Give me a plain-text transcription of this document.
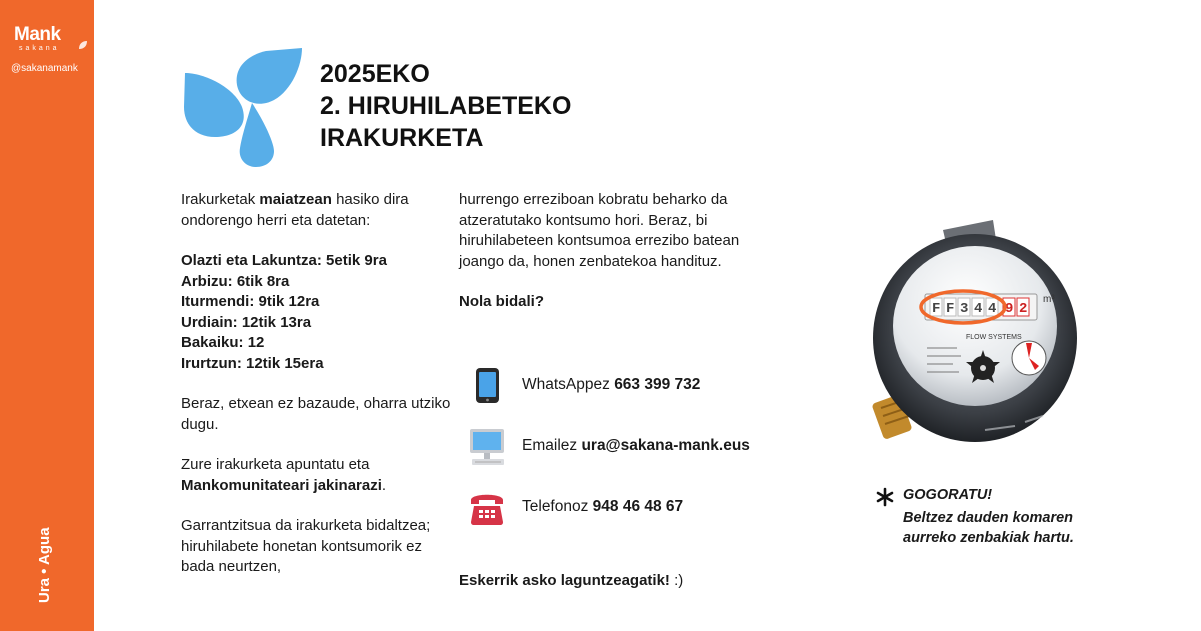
Mank
sakana
@sakanamank
Ura • Agua
2025EKO
2. HIRUHILABETEKO
IRAKURKETA

Irakurketak maiatzean hasiko dira ondorengo herri eta datetan:

Olazti eta Lakuntza: 5etik 9ra
Arbizu: 6tik 8ra
Iturmendi: 9tik 12ra
Urdiain: 12tik 13ra
Bakaiku: 12
Irurtzun: 12tik 15era

Beraz, etxean ez bazaude, oharra utziko dugu.

Zure irakurketa apuntatu eta Mankomunitateari jakinarazi.

Garrantzitsua da irakurketa bidaltzea; hiruhilabete honetan kontsumorik ez bada neurtzen,

hurrengo erreziboan kobratu beharko da atzeratutako kontsumo hori. Beraz, bi hiruhilabeteen kontsumoa errezibo batean joango da, honen zenbatekoa handituz.

Nola bidali?

WhatsAppez 663 399 732
Emailez ura@sakana-mank.eus
Telefonoz 948 46 48 67
Eskerrik asko laguntzeagatik! :)
F F 3 4 4 9 2
FLOW SYSTEMS
m³
GOGORATU!
Beltzez dauden komaren aurreko zenbakiak hartu.
